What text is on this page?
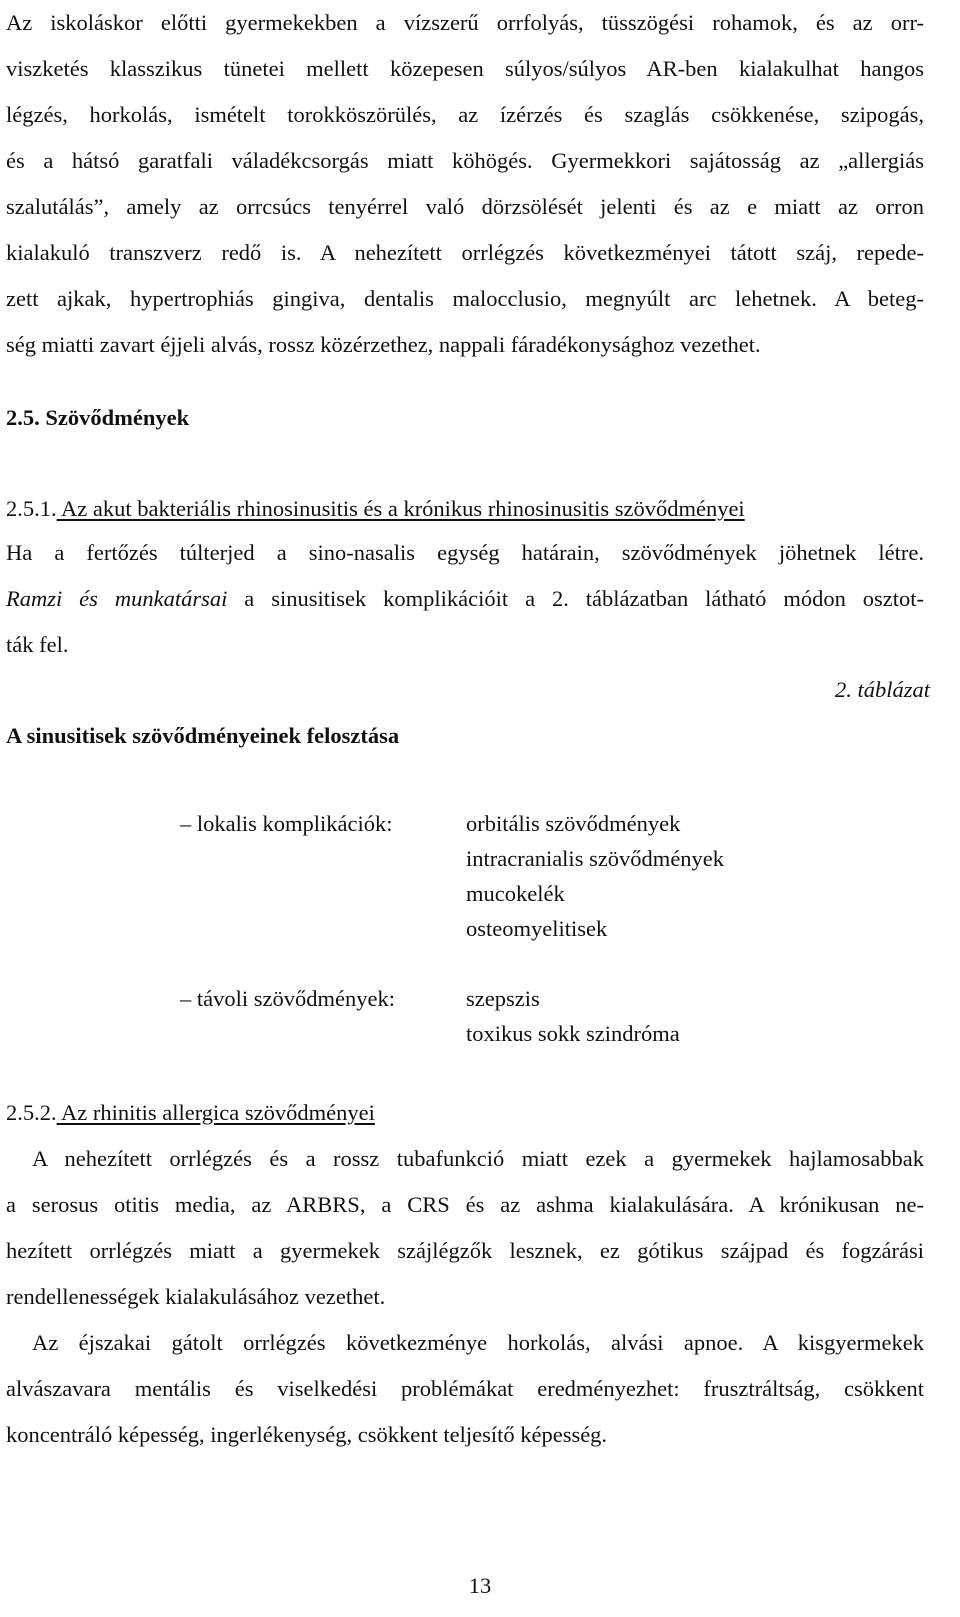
Az iskoláskor előtti gyermekekben a vízszerű orrfolyás, tüsszögési rohamok, és az orr-

viszketés klasszikus tünetei mellett közepesen súlyos/súlyos AR-ben kialakulhat hangos

légzés, horkolás, ismételt torokköszörülés, az ízérzés és szaglás csökkenése, szipogás,

és a hátsó garatfali váladékcsorgás miatt köhögés. Gyermekkori sajátosság az „allergiás

szalutálás”, amely az orrcsúcs tenyérrel való dörzsölését jelenti és az e miatt az orron

kialakuló transzverz redő is. A nehezített orrlégzés következményei tátott száj, repede-

zett ajkak, hypertrophiás gingiva, dentalis malocclusio, megnyúlt arc lehetnek. A beteg-

ség miatti zavart éjjeli alvás, rossz közérzethez, nappali fáradékonysághoz vezethet.

2.5. Szövődmények
2.5.1. Az akut bakteriális rhinosinusitis és a krónikus rhinosinusitis szövődményei

Ha a fertőzés túlterjed a sino-nasalis egység határain, szövődmények jöhetnek létre.

Ramzi és munkatársai a sinusitisek komplikációit a 2. táblázatban látható módon osztot-

ták fel.

2. táblázat
A sinusitisek szövődményeinek felosztása
– lokalis komplikációk:	orbitális szövődmények
intracranialis szövődmények
mucokelék
osteomyelitisek
– távoli szövődmények:	szepszis
toxikus sokk szindróma
2.5.2. Az rhinitis allergica szövődményei

A nehezített orrlégzés és a rossz tubafunkció miatt ezek a gyermekek hajlamosabbak

a serosus otitis media, az ARBRS, a CRS és az ashma kialakulására. A krónikusan ne-

hezített orrlégzés miatt a gyermekek szájlégzők lesznek, ez gótikus szájpad és fogzárási

rendellenességek kialakulásához vezethet.

Az éjszakai gátolt orrlégzés következménye horkolás, alvási apnoe. A kisgyermekek

alvászavara mentális és viselkedési problémákat eredményezhet: frusztráltság, csökkent

koncentráló képesség, ingerlékenység, csökkent teljesítő képesség.

13
